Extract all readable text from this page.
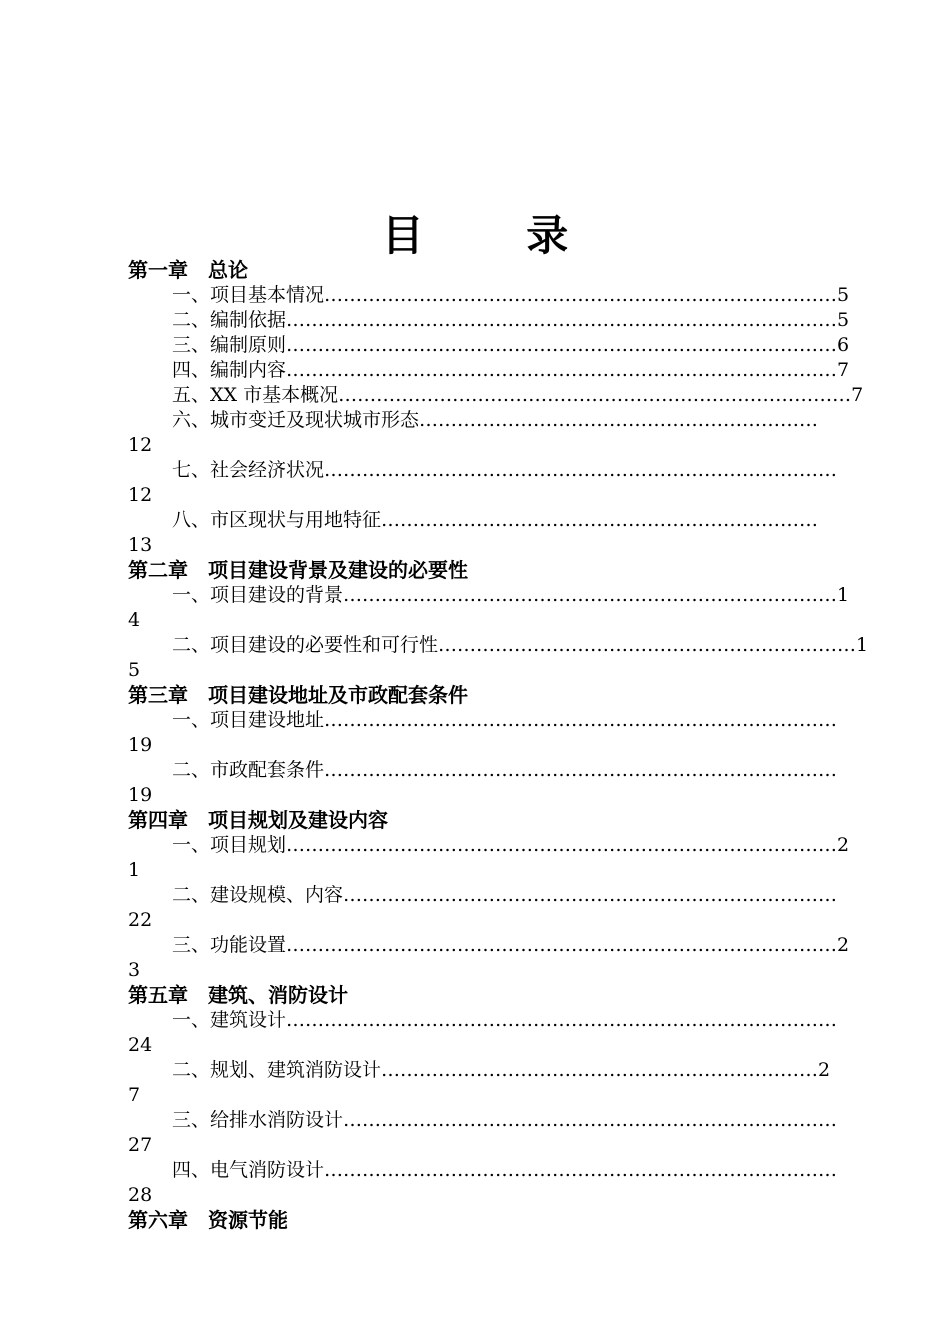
目 录
第一章　总论
一、项目基本情况………………………………………………………………………5
二、编制依据……………………………………………………………………………5
三、编制原则……………………………………………………………………………6
四、编制内容……………………………………………………………………………7
五、XX 市基本概况………………………………………………………………………7
六、城市变迁及现状城市形态………………………………………………………
12
七、社会经济状况………………………………………………………………………
12
八、市区现状与用地特征……………………………………………………………
13
第二章　项目建设背景及建设的必要性
一、项目建设的背景……………………………………………………………………1
4
二、项目建设的必要性和可行性…………………………………………………………1
5
第三章　项目建设地址及市政配套条件
一、项目建设地址………………………………………………………………………
19
二、市政配套条件………………………………………………………………………
19
第四章　项目规划及建设内容
一、项目规划……………………………………………………………………………2
1
二、建设规模、内容……………………………………………………………………
22
三、功能设置……………………………………………………………………………2
3
第五章　建筑、消防设计
一、建筑设计……………………………………………………………………………
24
二、规划、建筑消防设计……………………………………………………………2
7
三、给排水消防设计……………………………………………………………………
27
四、电气消防设计………………………………………………………………………
28
第六章　资源节能
